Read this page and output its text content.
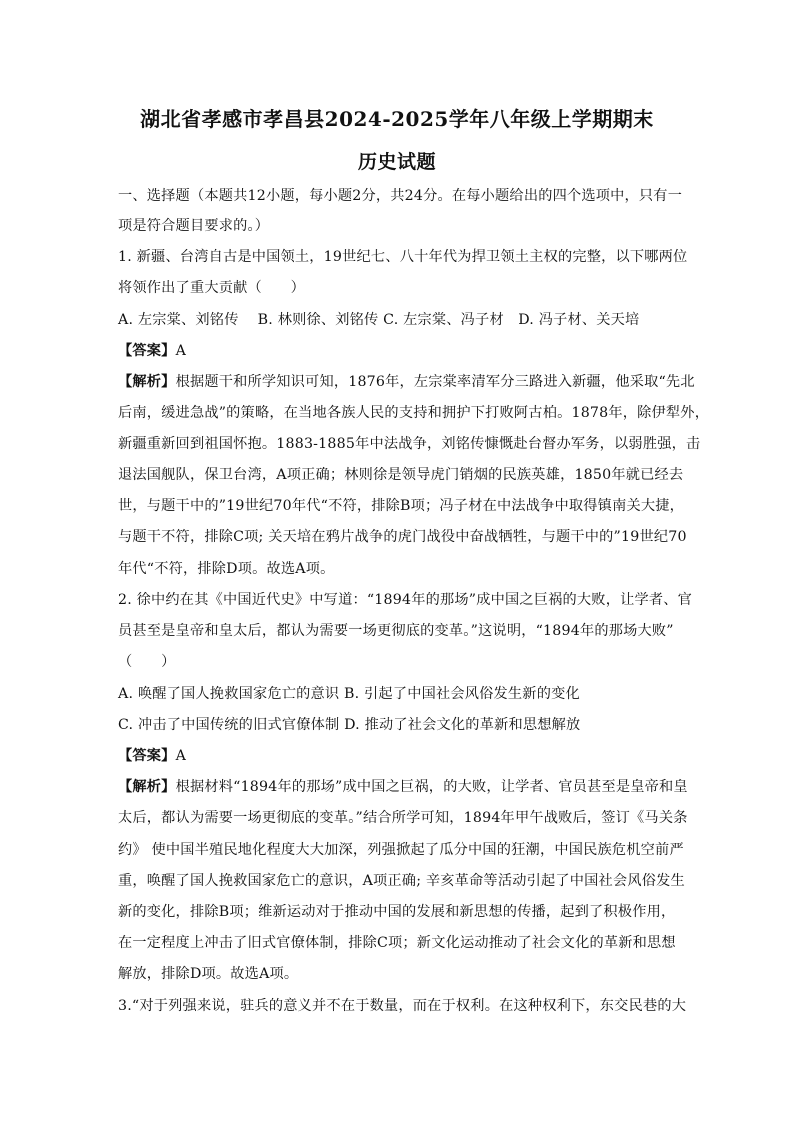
湖北省孝感市孝昌县2024-2025学年八年级上学期期末
历史试题
一、选择题（本题共12小题，每小题2分，共24分。在每小题给出的四个选项中，只有一
项是符合题目要求的。）
1. 新疆、台湾自古是中国领土，19世纪七、八十年代为捍卫领土主权的完整，以下哪两位
将领作出了重大贡献（　　）
A. 左宗棠、刘铭传　 B. 林则徐、刘铭传 C. 左宗棠、冯子材　D. 冯子材、关天培
【答案】A
【解析】根据题干和所学知识可知，1876年，左宗棠率清军分三路进入新疆，他采取“先北
后南，缓进急战”的策略，在当地各族人民的支持和拥护下打败阿古柏。1878年，除伊犁外，
新疆重新回到祖国怀抱。1883-1885年中法战争，刘铭传慷慨赴台督办军务，以弱胜强，击
退法国舰队，保卫台湾，A项正确；林则徐是领导虎门销烟的民族英雄，1850年就已经去
世，与题干中的”19世纪70年代“不符，排除B项；冯子材在中法战争中取得镇南关大捷，
与题干不符，排除C项; 关天培在鸦片战争的虎门战役中奋战牺牲，与题干中的”19世纪70
年代“不符，排除D项。故选A项。
2. 徐中约在其《中国近代史》中写道：“1894年的那场”成中国之巨祸的大败，让学者、官
员甚至是皇帝和皇太后，都认为需要一场更彻底的变革。”这说明，“1894年的那场大败”
（　　）
A. 唤醒了国人挽救国家危亡的意识 B. 引起了中国社会风俗发生新的变化
C. 冲击了中国传统的旧式官僚体制 D. 推动了社会文化的革新和思想解放
【答案】A
【解析】根据材料“1894年的那场”成中国之巨祸，的大败，让学者、官员甚至是皇帝和皇
太后，都认为需要一场更彻底的变革。”结合所学可知，1894年甲午战败后，签订《马关条
约》 使中国半殖民地化程度大大加深，列强掀起了瓜分中国的狂潮，中国民族危机空前严
重，唤醒了国人挽救国家危亡的意识，A项正确; 辛亥革命等活动引起了中国社会风俗发生
新的变化，排除B项；维新运动对于推动中国的发展和新思想的传播，起到了积极作用，
在一定程度上冲击了旧式官僚体制，排除C项；新文化运动推动了社会文化的革新和思想
解放，排除D项。故选A项。
3.“对于列强来说，驻兵的意义并不在于数量，而在于权利。在这种权利下，东交民巷的大
